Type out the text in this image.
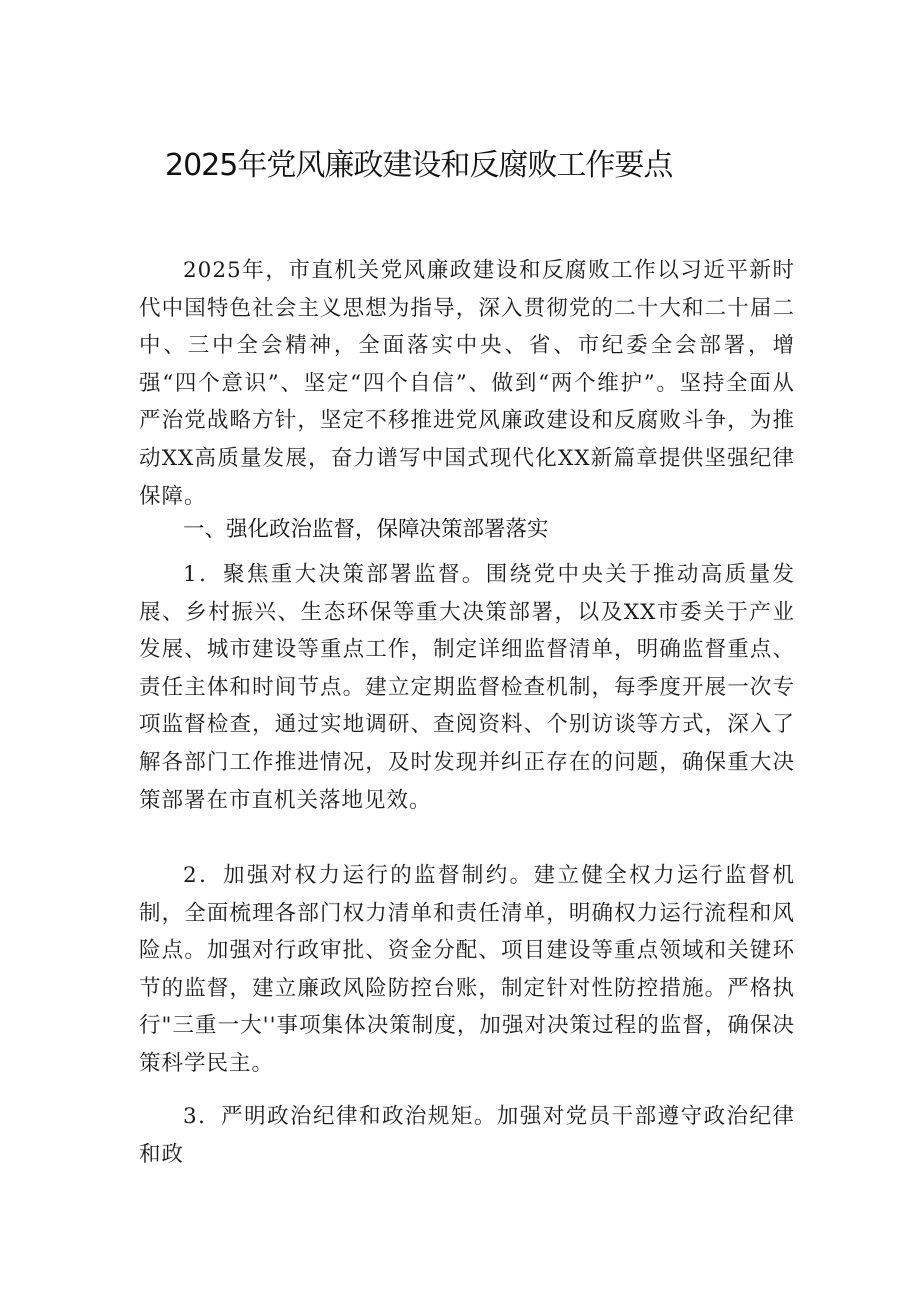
2025年党风廉政建设和反腐败工作要点

2025年，市直机关党风廉政建设和反腐败工作以习近平新时代中国特色社会主义思想为指导，深入贯彻党的二十大和二十届二中、三中全会精神，全面落实中央、省、市纪委全会部署，增强“四个意识”、坚定“四个自信”、做到“两个维护”。坚持全面从严治党战略方针，坚定不移推进党风廉政建设和反腐败斗争，为推动XX高质量发展，奋力谱写中国式现代化XX新篇章提供坚强纪律保障。

一、强化政治监督，保障决策部署落实

1．聚焦重大决策部署监督。围绕党中央关于推动高质量发展、乡村振兴、生态环保等重大决策部署，以及XX市委关于产业发展、城市建设等重点工作，制定详细监督清单，明确监督重点、责任主体和时间节点。建立定期监督检查机制，每季度开展一次专项监督检查，通过实地调研、查阅资料、个别访谈等方式，深入了解各部门工作推进情况，及时发现并纠正存在的问题，确保重大决策部署在市直机关落地见效。

2．加强对权力运行的监督制约。建立健全权力运行监督机制，全面梳理各部门权力清单和责任清单，明确权力运行流程和风险点。加强对行政审批、资金分配、项目建设等重点领域和关键环节的监督，建立廉政风险防控台账，制定针对性防控措施。严格执行"三重一大''事项集体决策制度，加强对决策过程的监督，确保决策科学民主。

3．严明政治纪律和政治规矩。加强对党员干部遵守政治纪律和政
